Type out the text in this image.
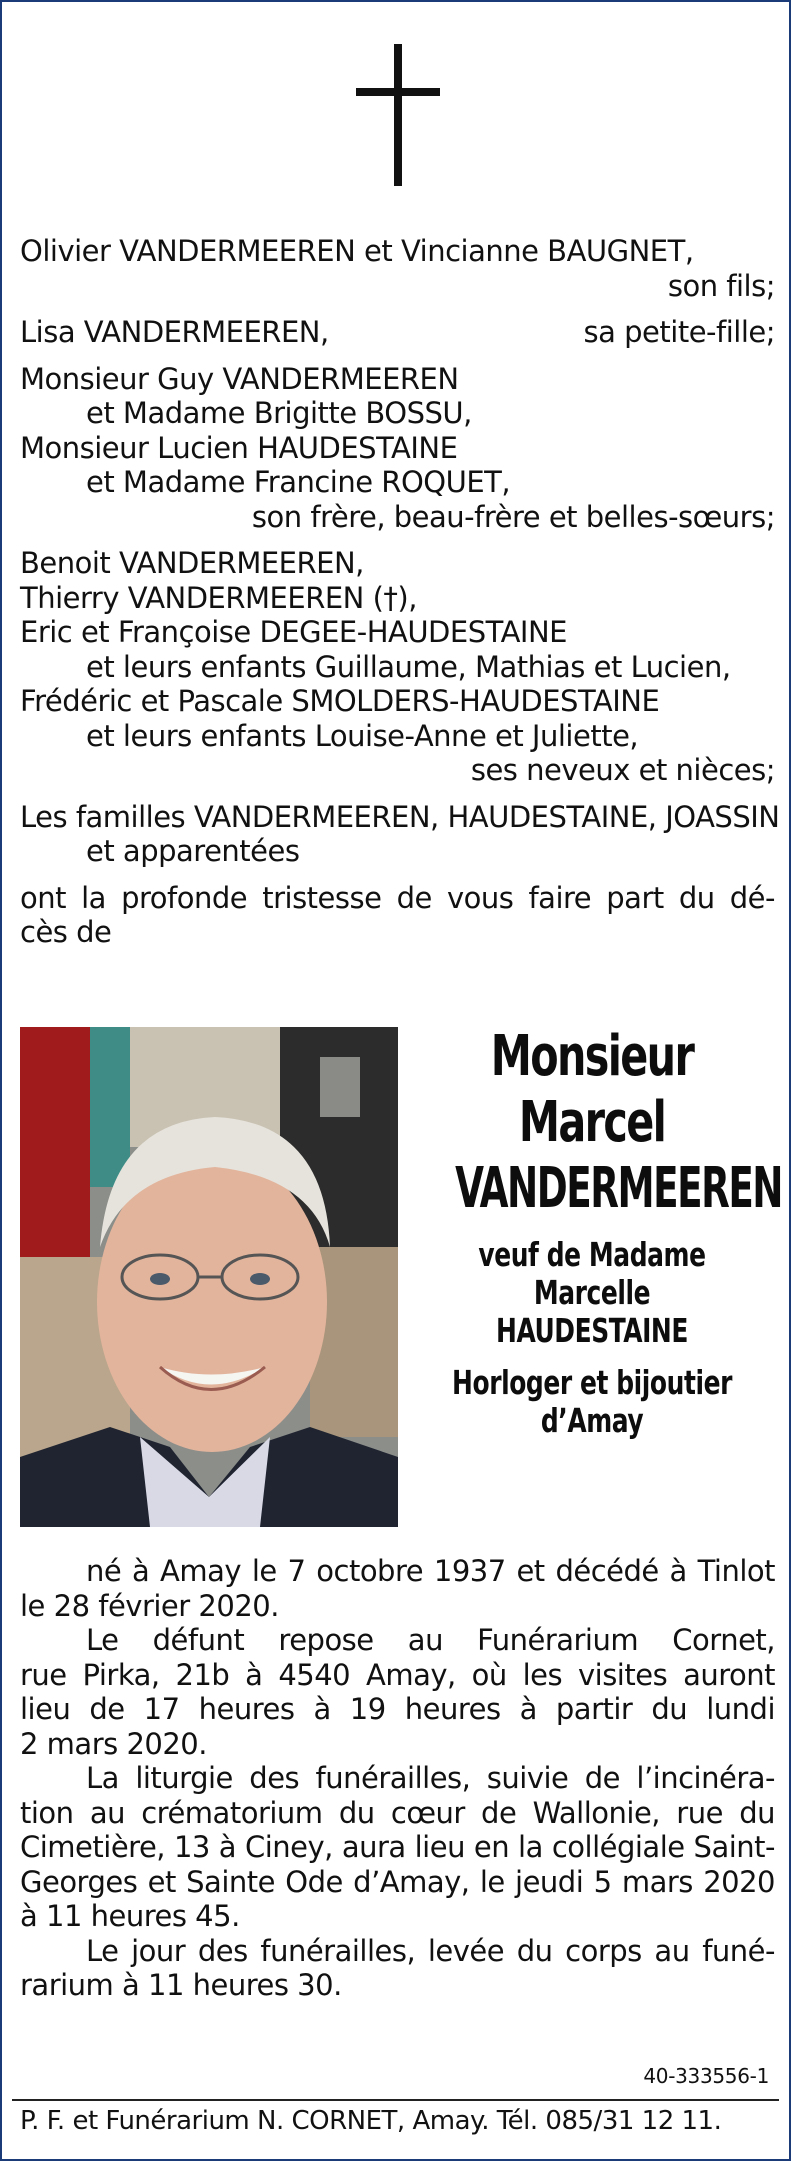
Olivier VANDERMEEREN et Vincianne BAUGNET,
son fils;
Lisa VANDERMEEREN,	sa petite-fille;
Monsieur Guy VANDERMEEREN
et Madame Brigitte BOSSU,
Monsieur Lucien HAUDESTAINE
et Madame Francine ROQUET,
son frère, beau-frère et belles-sœurs;
Benoit VANDERMEEREN,
Thierry VANDERMEEREN (†),
Eric et Françoise DEGEE-HAUDESTAINE
et leurs enfants Guillaume, Mathias et Lucien,
Frédéric et Pascale SMOLDERS-HAUDESTAINE
et leurs enfants Louise-Anne et Juliette,
ses neveux et nièces;
Les familles VANDERMEEREN, HAUDESTAINE, JOASSIN
et apparentées
ont la profonde tristesse de vous faire part du dé-
cès de
Monsieur
Marcel
VANDERMEEREN
veuf de Madame
Marcelle
HAUDESTAINE
Horloger et bijoutier
d’Amay
né à Amay le 7 octobre 1937 et décédé à Tinlot
le 28 février 2020.
Le défunt repose au Funérarium Cornet,
rue Pirka, 21b à 4540 Amay, où les visites auront
lieu de 17 heures à 19 heures à partir du lundi
2 mars 2020.
La liturgie des funérailles, suivie de l’incinéra-
tion au crématorium du cœur de Wallonie, rue du
Cimetière, 13 à Ciney, aura lieu en la collégiale Saint-
Georges et Sainte Ode d’Amay, le jeudi 5 mars 2020
à 11 heures 45.
Le jour des funérailles, levée du corps au funé-
rarium à 11 heures 30.
40-333556-1
P. F. et Funérarium N. CORNET, Amay. Tél. 085/31 12 11.
